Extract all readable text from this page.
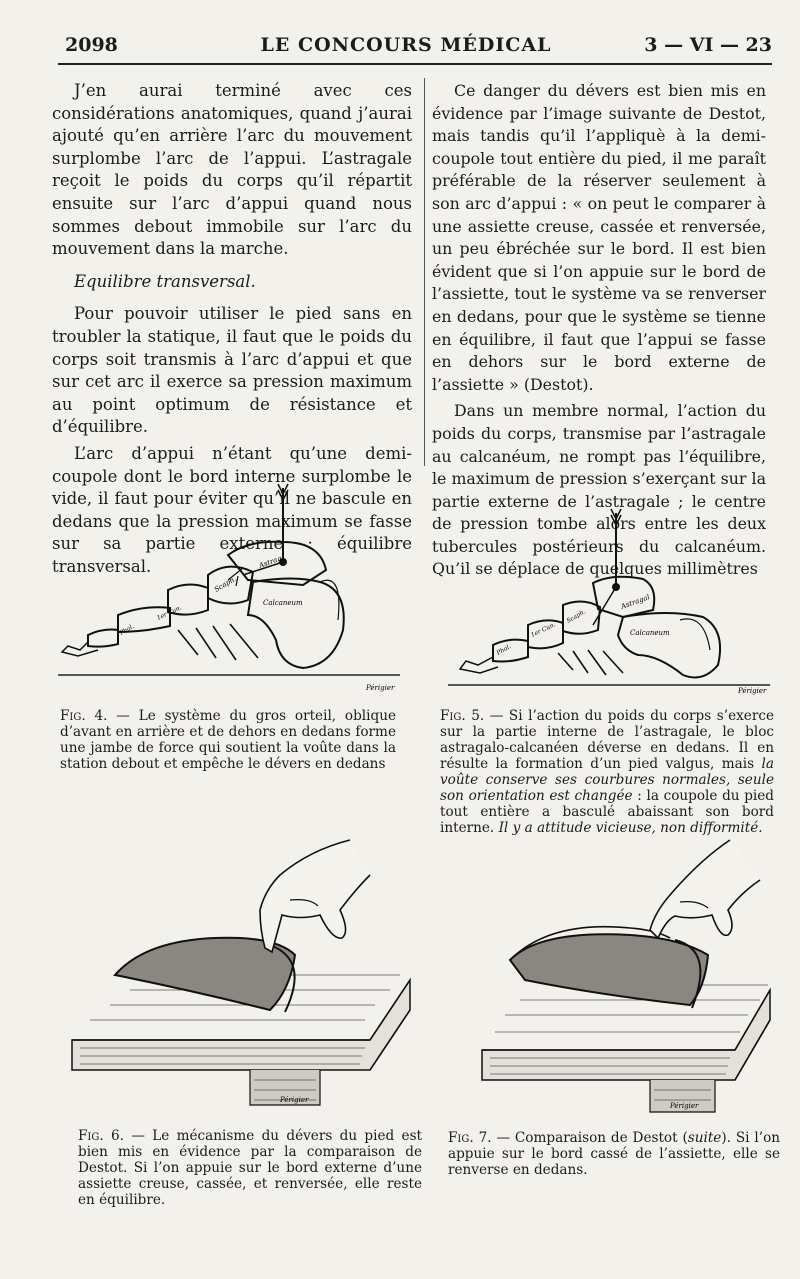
2098	LE CONCOURS MÉDICAL	3 — VI — 23

J’en aurai terminé avec ces considérations anatomiques, quand j’aurai ajouté qu’en arrière l’arc du mouvement surplombe l’arc de l’appui. L’astragale reçoit le poids du corps qu’il répartit ensuite sur l’arc d’appui quand nous sommes debout immobile sur l’arc du mouvement dans la marche.

Equilibre transversal.

Pour pouvoir utiliser le pied sans en troubler la statique, il faut que le poids du corps soit transmis à l’arc d’appui et que sur cet arc il exerce sa pression maximum au point optimum de résistance et d’équilibre.

L’arc d’appui n’étant qu’une demi-coupole dont le bord interne surplombe le vide, il faut pour éviter qu’il ne bascule en dedans que la pression maximum se fasse sur sa partie externe : équilibre transversal.

Ce danger du dévers est bien mis en évidence par l’image suivante de Destot, mais tandis qu’il l’appliquè à la demi-coupole tout entière du pied, il me paraît préférable de la réserver seulement à son arc d’appui : « on peut le comparer à une assiette creuse, cassée et renversée, un peu ébréchée sur le bord. Il est bien évident que si l’on appuie sur le bord de l’assiette, tout le système va se renverser en dedans, pour que le système se tienne en équilibre, il faut que l’appui se fasse en dehors sur le bord externe de l’assiette » (Destot).

Dans un membre normal, l’action du poids du corps, transmise par l’astragale au calcanéum, ne rompt pas l’équilibre, le maximum de pression s’exerçant sur la partie externe de l’astragale ; le centre de pression tombe alors entre les deux tubercules postérieurs du calcanéum. Qu’il se déplace de quelques millimètres

Astrag.
Scaph.
Calcaneum
1er Cun.
Phal.
Périgier
Fig. 4. — Le système du gros orteil, oblique d’avant en arrière et de dehors en dedans forme une jambe de force qui soutient la voûte dans la station debout et empêche le dévers en dedans
Astragal
Scaph.
Calcaneum
1er Cun.
Phal.
Périgier
Fig. 5. — Si l’action du poids du corps s’exerce sur la partie interne de l’astragale, le bloc astragalo-calcanéen déverse en dedans. Il en résulte la formation d’un pied valgus, mais la voûte conserve ses courbures normales, seule son orientation est changée : la coupole du pied tout entière a basculé abaissant son bord interne. Il y a attitude vicieuse, non difformité.
Périgier
Fig. 6. — Le mécanisme du dévers du pied est bien mis en évidence par la comparaison de Destot. Si l’on appuie sur le bord externe d’une assiette creuse, cassée, et renversée, elle reste en équilibre.
Périgier
Fig. 7. — Comparaison de Destot (suite). Si l’on appuie sur le bord cassé de l’assiette, elle se renverse en dedans.
